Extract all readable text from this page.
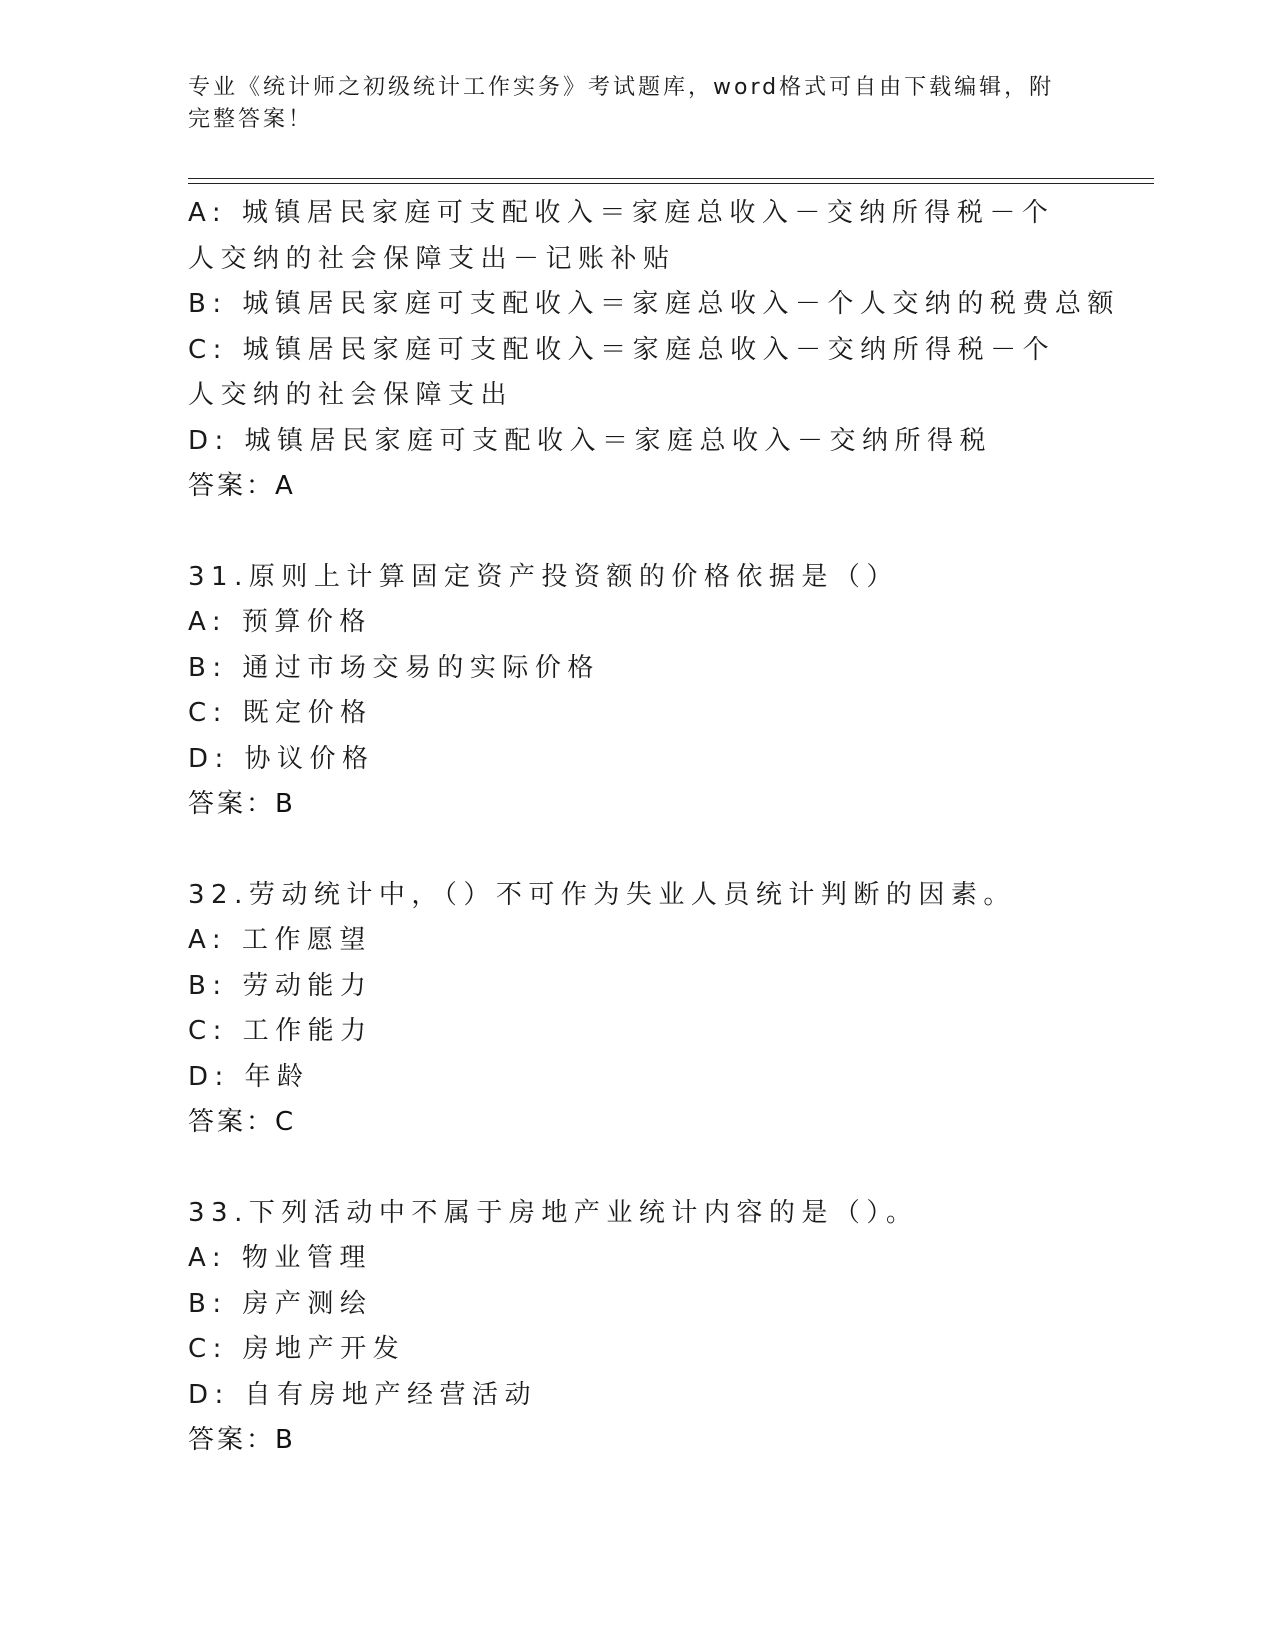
专业《统计师之初级统计工作实务》考试题库，word格式可自由下载编辑，附完整答案！
A: 城镇居民家庭可支配收入＝家庭总收入－交纳所得税－个人交纳的社会保障支出－记账补贴
B: 城镇居民家庭可支配收入＝家庭总收入－个人交纳的税费总额
C: 城镇居民家庭可支配收入＝家庭总收入－交纳所得税－个人交纳的社会保障支出
D: 城镇居民家庭可支配收入＝家庭总收入－交纳所得税
答案：A
31.原则上计算固定资产投资额的价格依据是（）
A: 预算价格
B: 通过市场交易的实际价格
C: 既定价格
D: 协议价格
答案：B
32.劳动统计中，（）不可作为失业人员统计判断的因素。
A: 工作愿望
B: 劳动能力
C: 工作能力
D: 年龄
答案：C
33.下列活动中不属于房地产业统计内容的是（）。
A: 物业管理
B: 房产测绘
C: 房地产开发
D: 自有房地产经营活动
答案：B
